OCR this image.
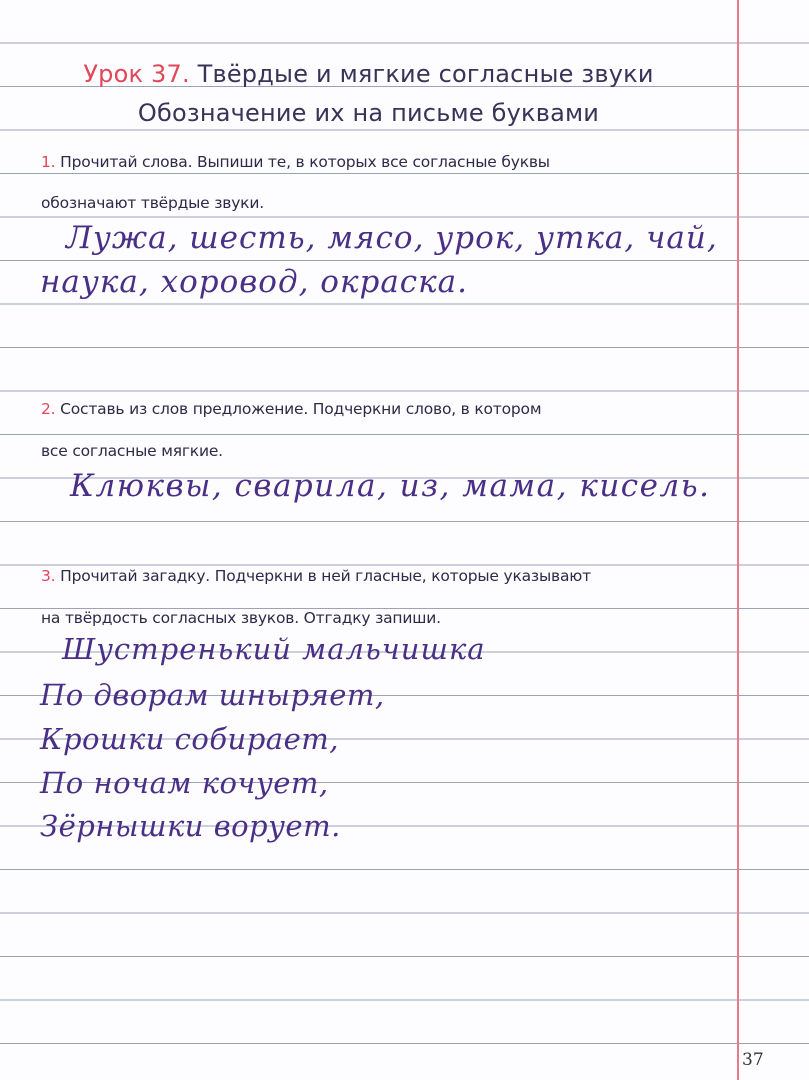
Урок 37. Твёрдые и мягкие согласные звуки
Обозначение их на письме буквами
1. Прочитай слова. Выпиши те, в которых все согласные буквы
обозначают твёрдые звуки.
Лужа, шесть, мясо, урок, утка, чай,
наука, хоровод, окраска.
2. Составь из слов предложение. Подчеркни слово, в котором
все согласные мягкие.
Клюквы, сварила, из, мама, кисель.
3. Прочитай загадку. Подчеркни в ней гласные, которые указывают
на твёрдость согласных звуков. Отгадку запиши.
Шустренький мальчишка
По дворам шныряет,
Крошки собирает,
По ночам кочует,
Зёрнышки ворует.
37
